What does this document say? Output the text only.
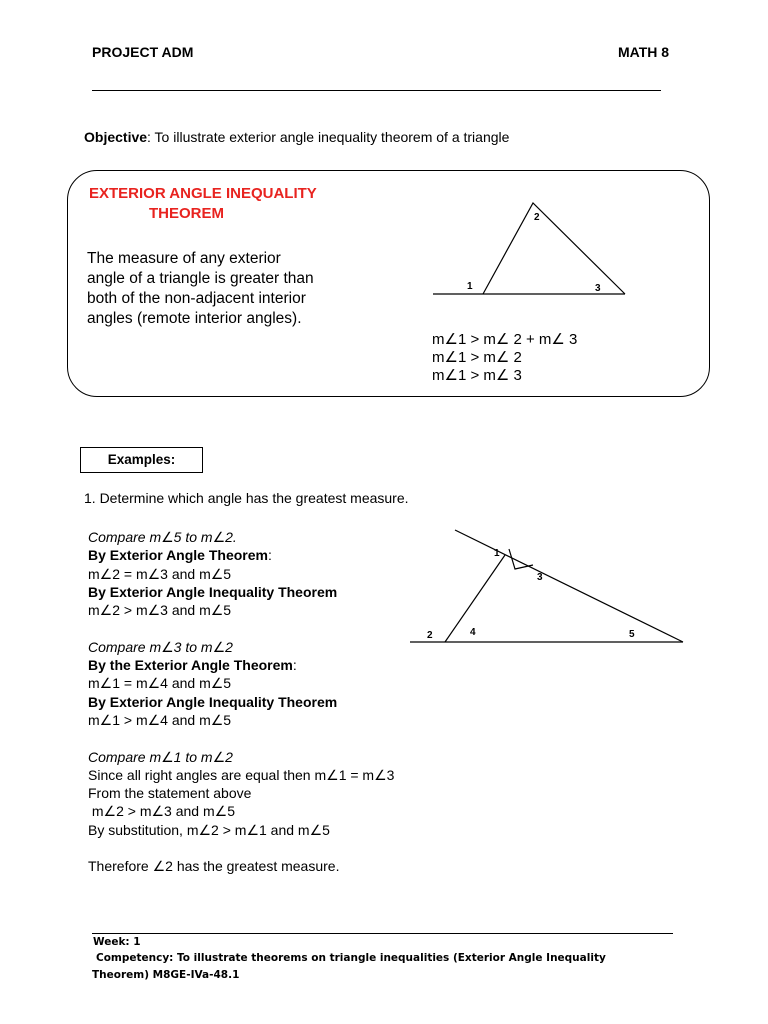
PROJECT ADM	MATH 8
Objective: To illustrate exterior angle inequality theorem of a triangle
EXTERIOR ANGLE INEQUALITY
THEOREM
The measure of any exterior
angle of a triangle is greater than
both of the non-adjacent interior
angles (remote interior angles).
2
1	3
m∠1 > m∠ 2 + m∠ 3
m∠1 > m∠ 2
m∠1 > m∠ 3
Examples:
1. Determine which angle has the greatest measure.
1
2
3
4	5
Compare m∠5 to m∠2.
By Exterior Angle Theorem:
m∠2 = m∠3 and m∠5
By Exterior Angle Inequality Theorem
m∠2 > m∠3 and m∠5
Compare m∠3 to m∠2
By the Exterior Angle Theorem:
m∠1 = m∠4 and m∠5
By Exterior Angle Inequality Theorem
m∠1 > m∠4 and m∠5
Compare m∠1 to m∠2
Since all right angles are equal then m∠1 = m∠3
From the statement above
m∠2 > m∠3 and m∠5
By substitution, m∠2 > m∠1 and m∠5
Therefore ∠2 has the greatest measure.
Week: 1
Competency: To illustrate theorems on triangle inequalities (Exterior Angle Inequality
Theorem) M8GE-IVa-48.1
